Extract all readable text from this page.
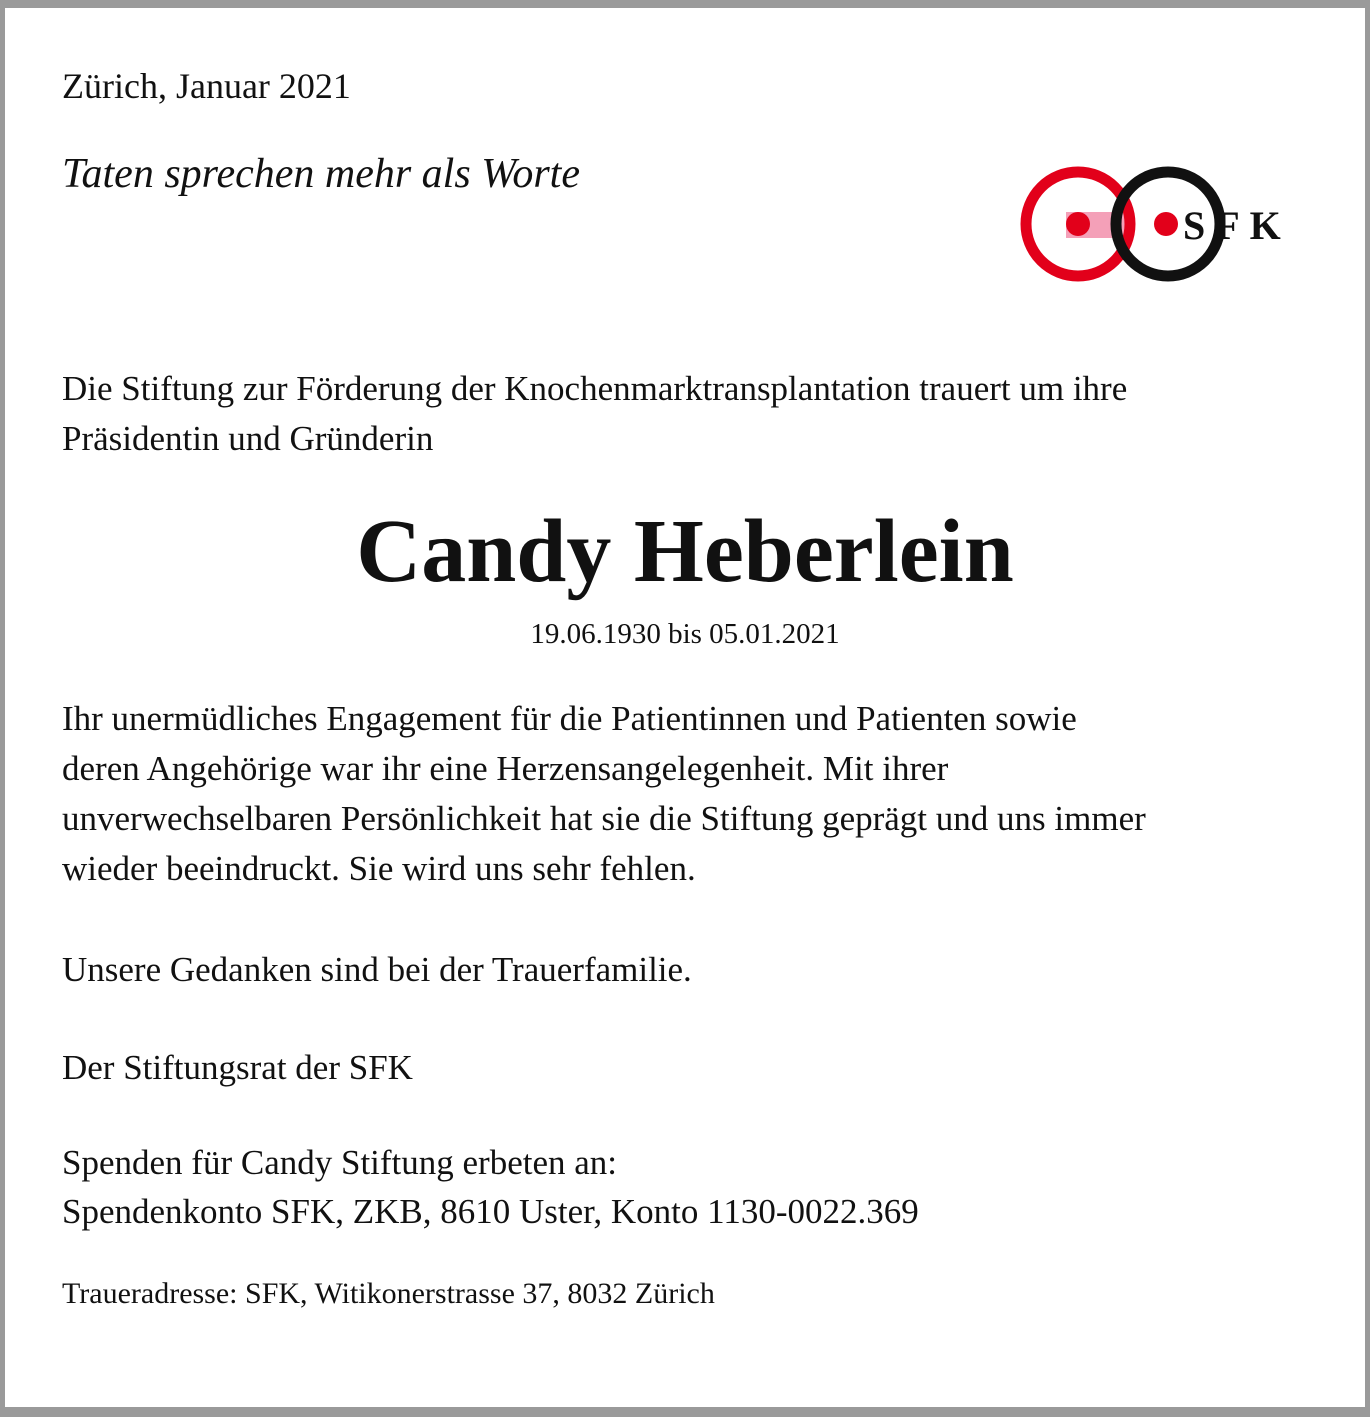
Zürich, Januar 2021
Taten sprechen mehr als Worte
SFK
Die Stiftung zur Förderung der Knochenmarktransplantation trauert um ihre
Präsidentin und Gründerin
Candy Heberlein
19.06.1930 bis 05.01.2021
Ihr unermüdliches Engagement für die Patientinnen und Patienten sowie
deren Angehörige war ihr eine Herzensangelegenheit. Mit ihrer
unverwechselbaren Persönlichkeit hat sie die Stiftung geprägt und uns immer
wieder beeindruckt. Sie wird uns sehr fehlen.
Unsere Gedanken sind bei der Trauerfamilie.
Der Stiftungsrat der SFK
Spenden für Candy Stiftung erbeten an:
Spendenkonto SFK, ZKB, 8610 Uster, Konto 1130-0022.369
Traueradresse: SFK, Witikonerstrasse 37, 8032 Zürich
